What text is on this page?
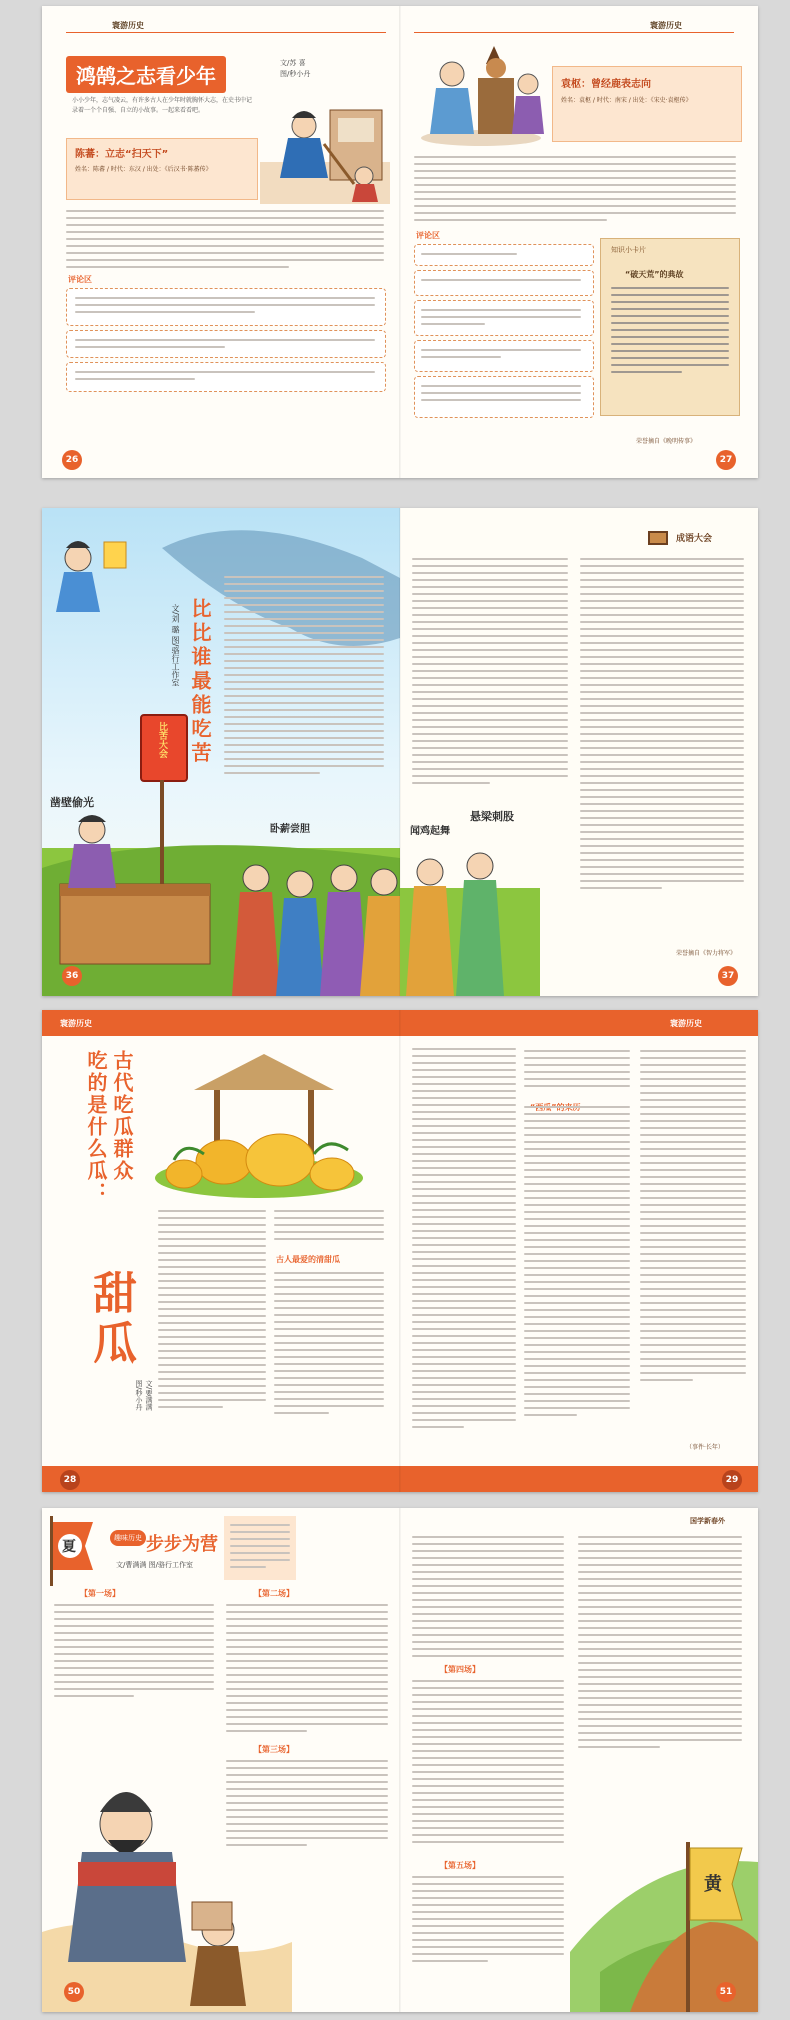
鸿鹄之志看少年
文/苏 喜
图/秒小丹
小小少年，志气凌云，有许多古人在少年时就胸怀大志，在史书中记录着一个个自强、自立的小故事。一起来看看吧。
陈蕃：立志“扫天下”
姓名：陈蕃 / 时代：东汉 / 出处：《后汉书·陈蕃传》
评论区
26
寰游历史	寰游历史
袁枢：曾经鹿表志向
姓名：袁枢 / 时代：南宋 / 出处：《宋史·袁枢传》
评论区
知识小卡片
“破天荒”的典故
荣誉摘自《晚明传事》
27
凿壁偷光
比苦大会
文/刘 璐 图/骆行工作室 比比谁最能吃苦
卧薪尝胆
36
闻鸡起舞
悬梁刺股
成语大会
荣誉摘自《智力将军》
37
寰游历史
古代吃瓜群众
吃的是什么瓜：
甜瓜
文/要满满
图/秒小丹
古人最爱的清甜瓜
28
寰游历史
（事件·长年）
29
夏
趣味历史 步步为营
文/曹满满 图/骆行工作室
【第一场】	【第二场】
【第三场】
50
国学新春外
【第四场】
【第五场】
黄
51
